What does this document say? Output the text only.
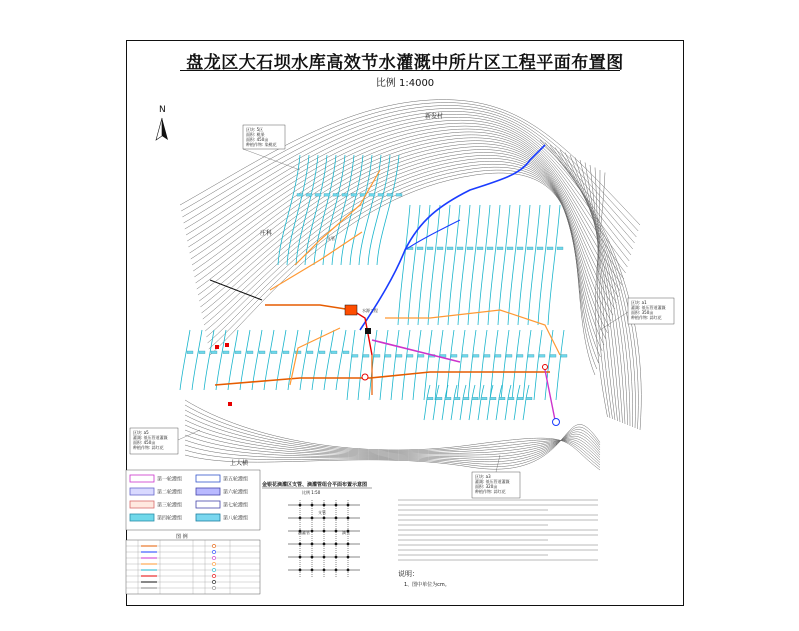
盘龙区大石坝水库高效节水灌溉中所片区工程平面布置图
比例 1:4000
N
新发村
庄科
上大横
支管
水源工程
区块: 5区
面积: 桃果
面积: 450亩
种植作物: 染桃花
区块: a1
灌溉: 低压管道灌溉
面积: 350亩
种植作物: 蒜红花
区块: a5
灌溉: 低压管道灌溉
面积: 450亩
种植作物: 蒜红花
区块: a3
灌溉: 低压管道灌溉
面积: 320亩
种植作物: 蒜红花
第一轮灌组
第二轮灌组
第三轮灌组
第四轮灌组
第五轮灌组
第六轮灌组
第七轮灌组
第八轮灌组
图 例
金银花滴灌区支管、滴灌管组合平面布置示意图
比例 1:50
支管
滴灌管	滴头
说明：
1、图中单位为cm。
